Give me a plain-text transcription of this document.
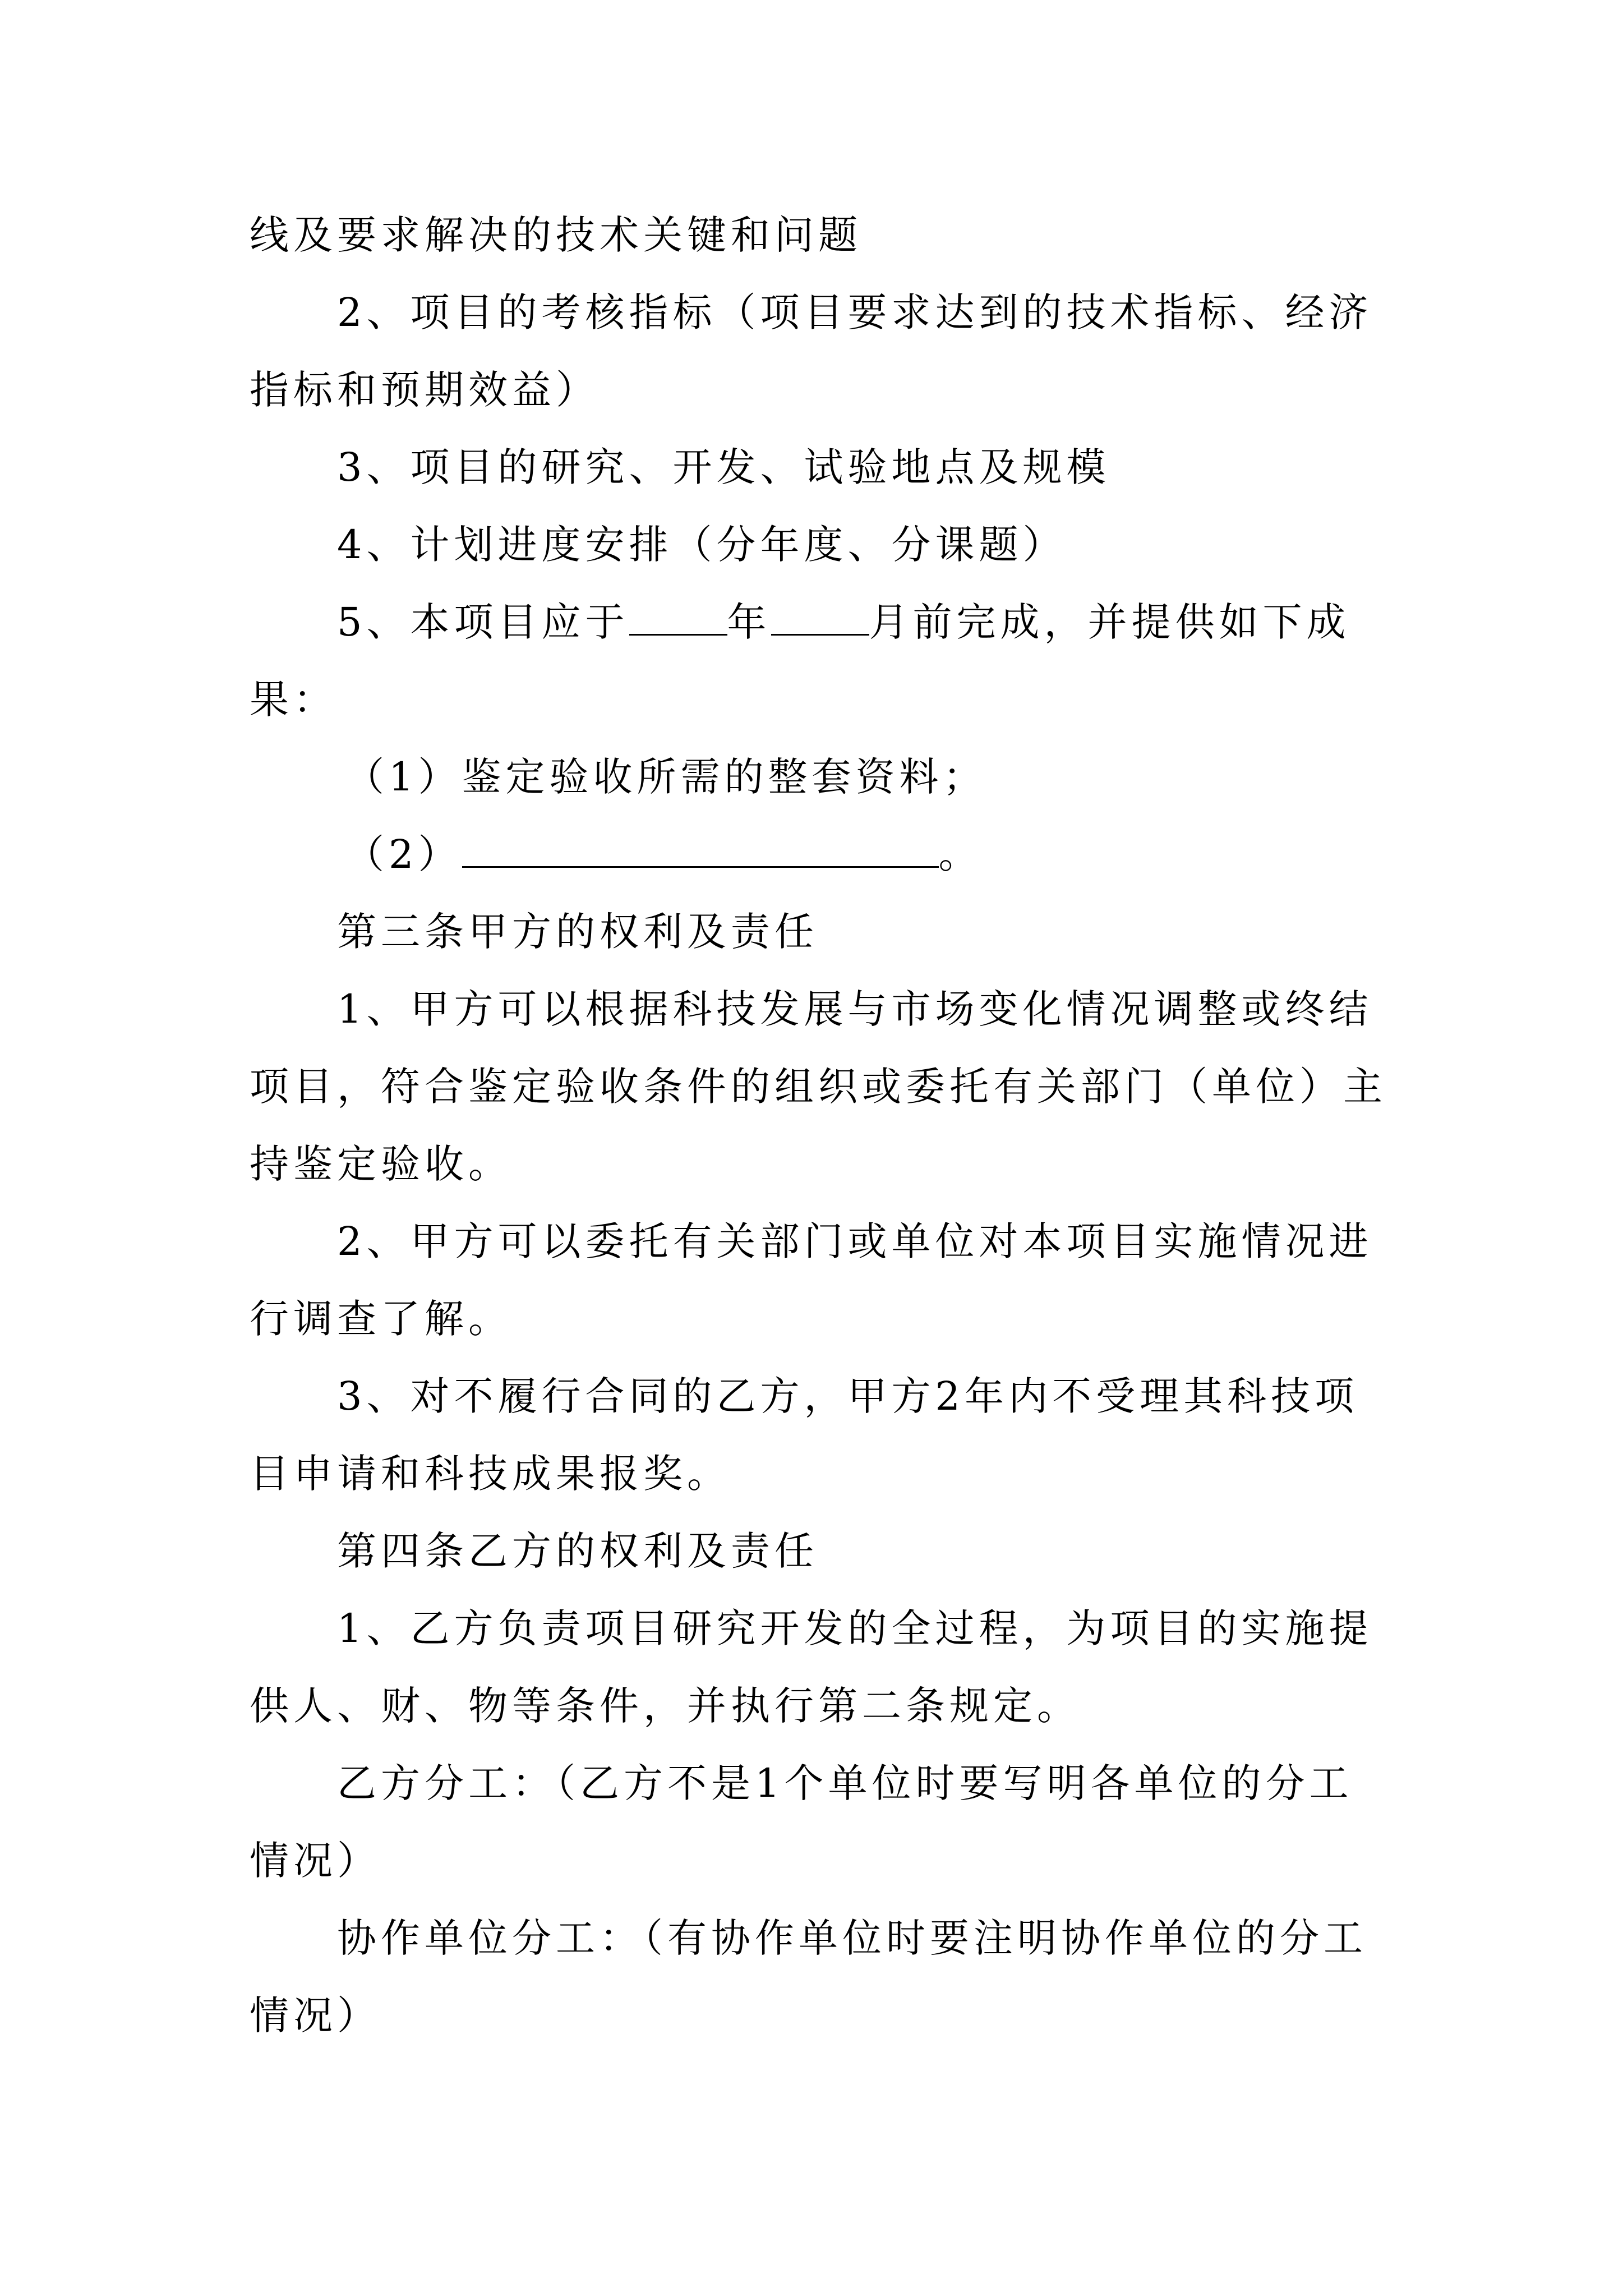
线及要求解决的技术关键和问题
2、项目的考核指标（项目要求达到的技术指标、经济
指标和预期效益）
3、项目的研究、开发、试验地点及规模
4、计划进度安排（分年度、分课题）
5、本项目应于	年	月前完成，并提供如下成
果：
（1）鉴定验收所需的整套资料；
（2）	。
第三条甲方的权利及责任
1、甲方可以根据科技发展与市场变化情况调整或终结
项目，符合鉴定验收条件的组织或委托有关部门（单位）主
持鉴定验收。
2、甲方可以委托有关部门或单位对本项目实施情况进
行调查了解。
3、对不履行合同的乙方，甲方2年内不受理其科技项
目申请和科技成果报奖。
第四条乙方的权利及责任
1、乙方负责项目研究开发的全过程，为项目的实施提
供人、财、物等条件，并执行第二条规定。
乙方分工：（乙方不是1个单位时要写明各单位的分工
情况）
协作单位分工：（有协作单位时要注明协作单位的分工
情况）
